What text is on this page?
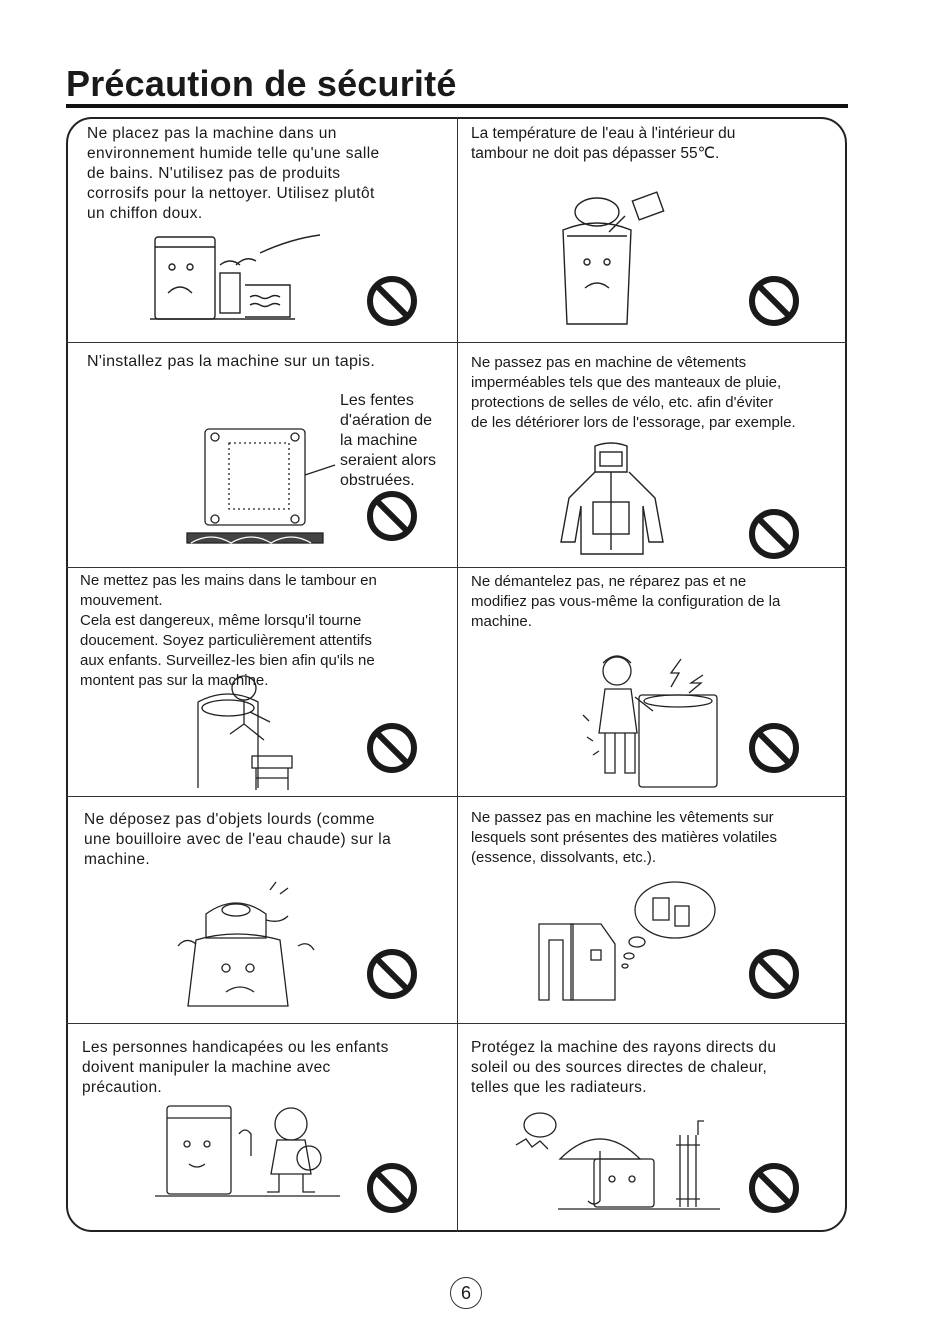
Précaution de sécurité

Ne placez pas la machine dans un
environnement humide telle qu'une salle
de bains. N'utilisez pas de produits
corrosifs pour la nettoyer. Utilisez plutôt
un chiffon doux.

La température de l'eau à l'intérieur du
tambour ne doit pas dépasser 55℃.

N'installez pas la machine sur un tapis.

Les fentes
d'aération de
la machine
seraient alors
obstruées.

Ne passez pas en machine de vêtements
imperméables tels que des manteaux de pluie,
protections de selles de vélo, etc. afin d'éviter
de les détériorer lors de l'essorage, par exemple.

Ne mettez pas les mains dans le tambour en
mouvement.
Cela est dangereux, même lorsqu'il tourne
doucement. Soyez particulièrement attentifs
aux enfants. Surveillez-les bien afin qu'ils ne
montent pas sur la machine.

Ne démantelez pas, ne réparez pas et ne
modifiez pas vous-même la configuration de la
machine.

Ne déposez pas d'objets lourds (comme
une bouilloire avec de l'eau chaude) sur la
machine.

Ne passez pas en machine les vêtements sur
lesquels sont présentes des matières volatiles
(essence, dissolvants, etc.).

Les personnes handicapées ou les enfants
doivent manipuler la machine avec
précaution.

Protégez la machine des rayons directs du
soleil ou des sources directes de chaleur,
telles que les radiateurs.

6
